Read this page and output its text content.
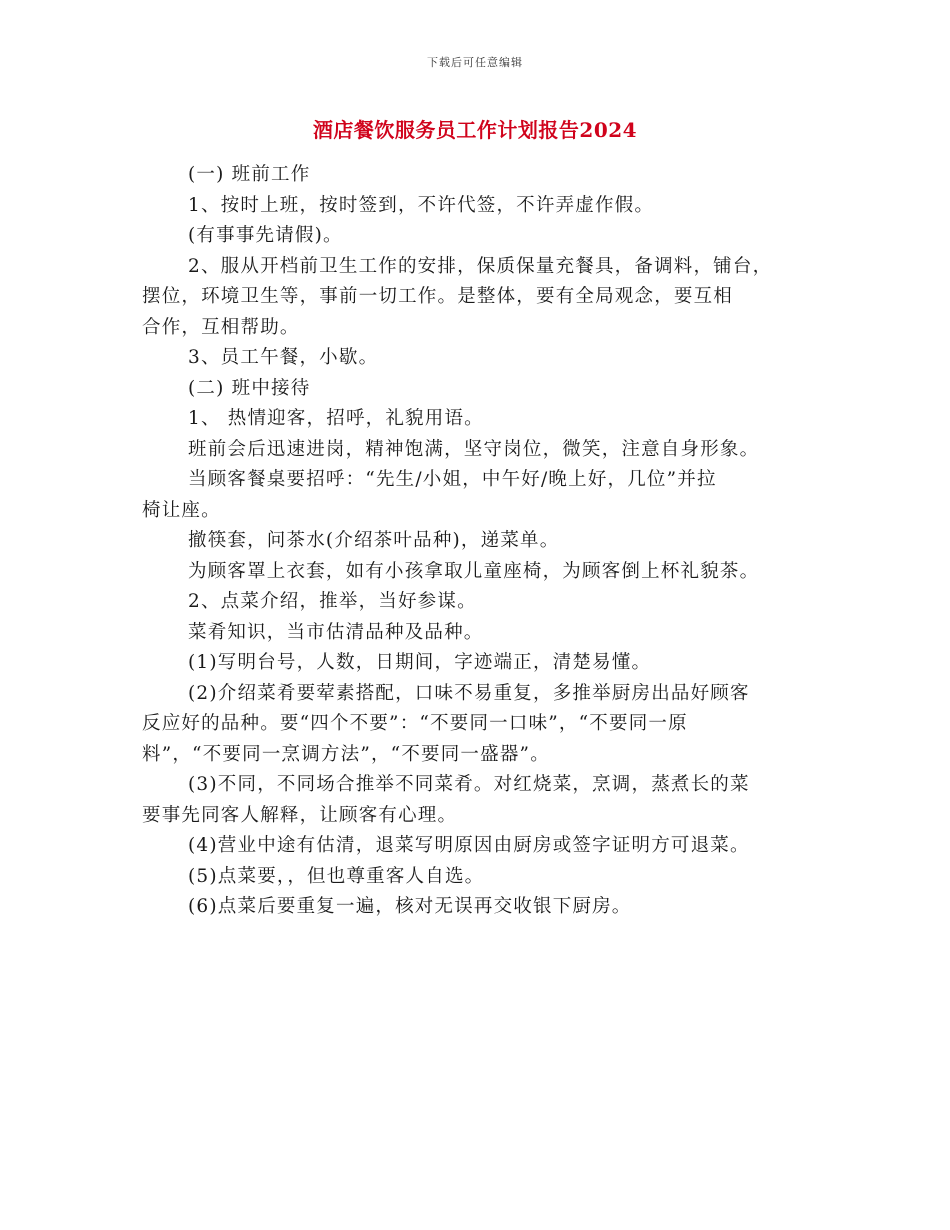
下载后可任意编辑
酒店餐饮服务员工作计划报告2024

(一) 班前工作

1、按时上班，按时签到，不许代签，不许弄虚作假。

(有事事先请假)。

2、服从开档前卫生工作的安排，保质保量充餐具，备调料，铺台，

摆位，环境卫生等，事前一切工作。是整体，要有全局观念，要互相

合作，互相帮助。

3、员工午餐，小歇。

(二) 班中接待

1、 热情迎客，招呼，礼貌用语。

班前会后迅速进岗，精神饱满，坚守岗位，微笑，注意自身形象。

当顾客餐桌要招呼：“先生/小姐，中午好/晚上好，几位”并拉

椅让座。

撤筷套，问茶水(介绍茶叶品种)，递菜单。

为顾客罩上衣套，如有小孩拿取儿童座椅，为顾客倒上杯礼貌茶。

2、点菜介绍，推举，当好参谋。

菜肴知识，当市估清品种及品种。

(1)写明台号，人数，日期间，字迹端正，清楚易懂。

(2)介绍菜肴要荤素搭配，口味不易重复，多推举厨房出品好顾客

反应好的品种。要“四个不要”：“不要同一口味”，“不要同一原

料”，“不要同一烹调方法”，“不要同一盛器”。

(3)不同，不同场合推举不同菜肴。对红烧菜，烹调，蒸煮长的菜

要事先同客人解释，让顾客有心理。

(4)营业中途有估清，退菜写明原因由厨房或签字证明方可退菜。

(5)点菜要，，但也尊重客人自选。

(6)点菜后要重复一遍，核对无误再交收银下厨房。
